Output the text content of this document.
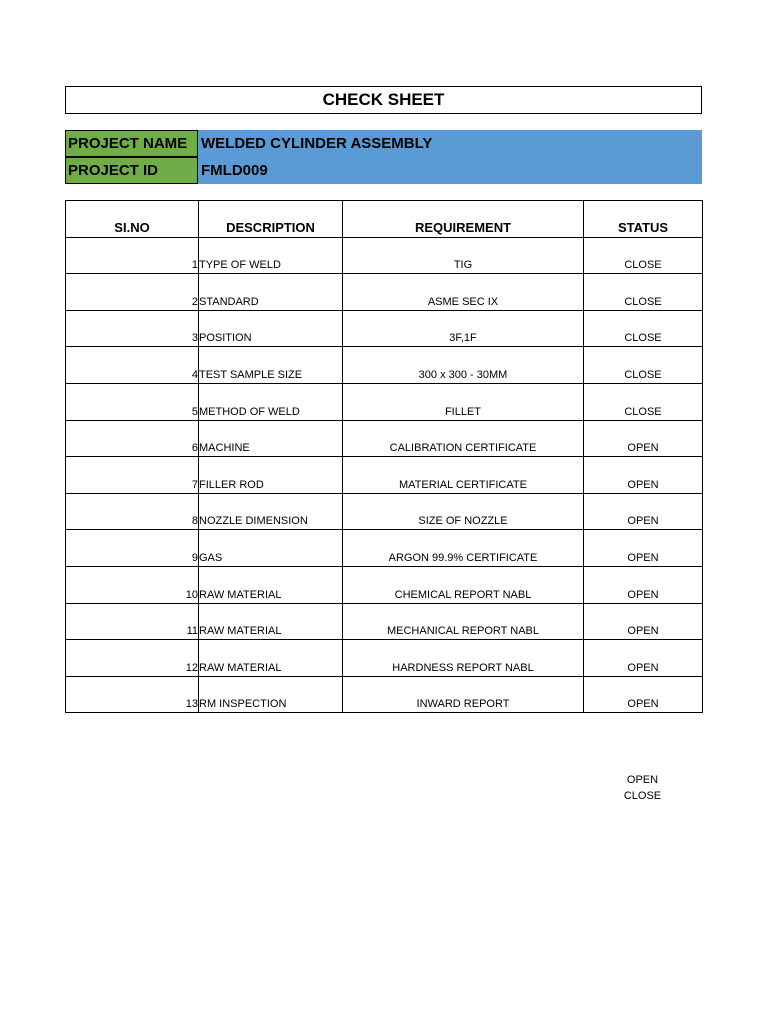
CHECK SHEET
PROJECT NAME WELDED CYLINDER ASSEMBLY
PROJECT ID	FMLD009
SI.NO	DESCRIPTION	REQUIREMENT	STATUS
1	TYPE OF WELD	TIG	CLOSE
2	STANDARD	ASME SEC IX	CLOSE
3	POSITION	3F,1F	CLOSE
4	TEST SAMPLE SIZE	300 x 300 - 30MM	CLOSE
5	METHOD OF WELD	FILLET	CLOSE
6	MACHINE	CALIBRATION CERTIFICATE	OPEN
7	FILLER ROD	MATERIAL CERTIFICATE	OPEN
8	NOZZLE DIMENSION	SIZE OF NOZZLE	OPEN
9	GAS	ARGON 99.9% CERTIFICATE	OPEN
10	RAW MATERIAL	CHEMICAL REPORT NABL	OPEN
11	RAW MATERIAL	MECHANICAL REPORT NABL	OPEN
12	RAW MATERIAL	HARDNESS REPORT NABL	OPEN
13	RM INSPECTION	INWARD REPORT	OPEN
OPEN
CLOSE
